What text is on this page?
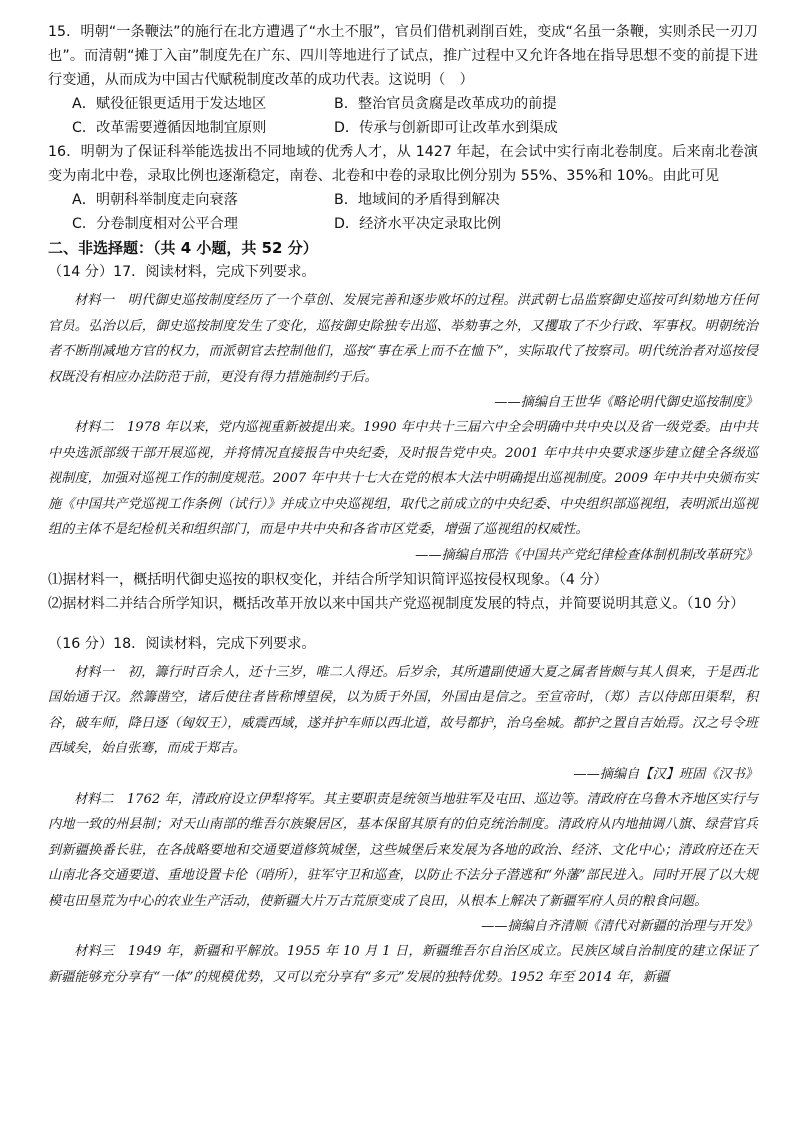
15．明朝“一条鞭法”的施行在北方遭遇了“水土不服”，官员们借机剥削百姓，变成“名虽一条鞭，实则杀民一刃刀也”。而清朝“摊丁入亩”制度先在广东、四川等地进行了试点，推广过程中又允许各地在指导思想不变的前提下进行变通，从而成为中国古代赋税制度改革的成功代表。这说明（　）

A．赋役征银更适用于发达地区	B．整治官员贪腐是改革成功的前提
C．改革需要遵循因地制宜原则	D．传承与创新即可让改革水到渠成

16．明朝为了保证科举能选拔出不同地域的优秀人才，从 1427 年起，在会试中实行南北卷制度。后来南北卷演变为南北中卷，录取比例也逐渐稳定，南卷、北卷和中卷的录取比例分别为 55%、35%和 10%。由此可见

A．明朝科举制度走向衰落	B．地域间的矛盾得到解决
C．分卷制度相对公平合理	D．经济水平决定录取比例

二、非选择题：（共 4 小题，共 52 分）

（14 分）17．阅读材料，完成下列要求。

材料一　明代御史巡按制度经历了一个草创、发展完善和逐步败坏的过程。洪武朝七品监察御史巡按可纠劾地方任何官员。弘治以后，御史巡按制度发生了变化，巡按御史除独专出巡、举劾事之外，又攫取了不少行政、军事权。明朝统治者不断削减地方官的权力，而派朝官去控制他们，巡按“事在承上而不在恤下”，实际取代了按察司。明代统治者对巡按侵权既没有相应办法防范于前，更没有得力措施制约于后。

——摘编自王世华《略论明代御史巡按制度》

材料二　1978 年以来，党内巡视重新被提出来。1990 年中共十三届六中全会明确中共中央以及省一级党委。由中共中央选派部级干部开展巡视，并将情况直接报告中央纪委，及时报告党中央。2001 年中共中央要求逐步建立健全各级巡视制度，加强对巡视工作的制度规范。2007 年中共十七大在党的根本大法中明确提出巡视制度。2009 年中共中央颁布实施《中国共产党巡视工作条例（试行）》并成立中央巡视组，取代之前成立的中央纪委、中央组织部巡视组，表明派出巡视组的主体不是纪检机关和组织部门，而是中共中央和各省市区党委，增强了巡视组的权威性。

——摘编自邢浩《中国共产党纪律检查体制机制改革研究》

⑴据材料一，概括明代御史巡按的职权变化，并结合所学知识简评巡按侵权现象。（4 分）

⑵据材料二并结合所学知识，概括改革开放以来中国共产党巡视制度发展的特点，并简要说明其意义。（10 分）

（16 分）18．阅读材料，完成下列要求。

材料一　初，籌行时百余人，还十三岁，唯二人得还。后岁余，其所遣副使通大夏之属者皆颇与其人俱来，于是西北国始通于汉。然籌凿空，诸后使往者皆称博望侯，以为质于外国，外国由是信之。至宣帝时，（郑）吉以侍郎田渠犁，积谷，破车师，降日逐（匈奴王），威震西域，遂并护车师以西北道，故号都护，治乌垒城。都护之置自吉始焉。汉之号令班西域矣，始自张骞，而成于郑吉。

——摘编自【汉】班固《汉书》

材料二　1762 年，清政府设立伊犁将军。其主要职责是统领当地驻军及屯田、巡边等。清政府在乌鲁木齐地区实行与内地一致的州县制；对天山南部的维吾尔族聚居区，基本保留其原有的伯克统治制度。清政府从内地抽调八旗、绿营官兵到新疆换番长驻，在各战略要地和交通要道修筑城堡，这些城堡后来发展为各地的政治、经济、文化中心；清政府还在天山南北各交通要道、重地设置卡伦（哨所），驻军守卫和巡查，以防止不法分子潜逃和“外藩”部民进入。同时开展了以大规模屯田垦荒为中心的农业生产活动，使新疆大片万古荒原变成了良田，从根本上解决了新疆军府人员的粮食问题。

——摘编自齐清顺《清代对新疆的治理与开发》

材料三　1949 年，新疆和平解放。1955 年 10 月 1 日，新疆维吾尔自治区成立。民族区域自治制度的建立保证了新疆能够充分享有“一体”的规模优势，又可以充分享有“多元”发展的独特优势。1952 年至 2014 年，新疆
